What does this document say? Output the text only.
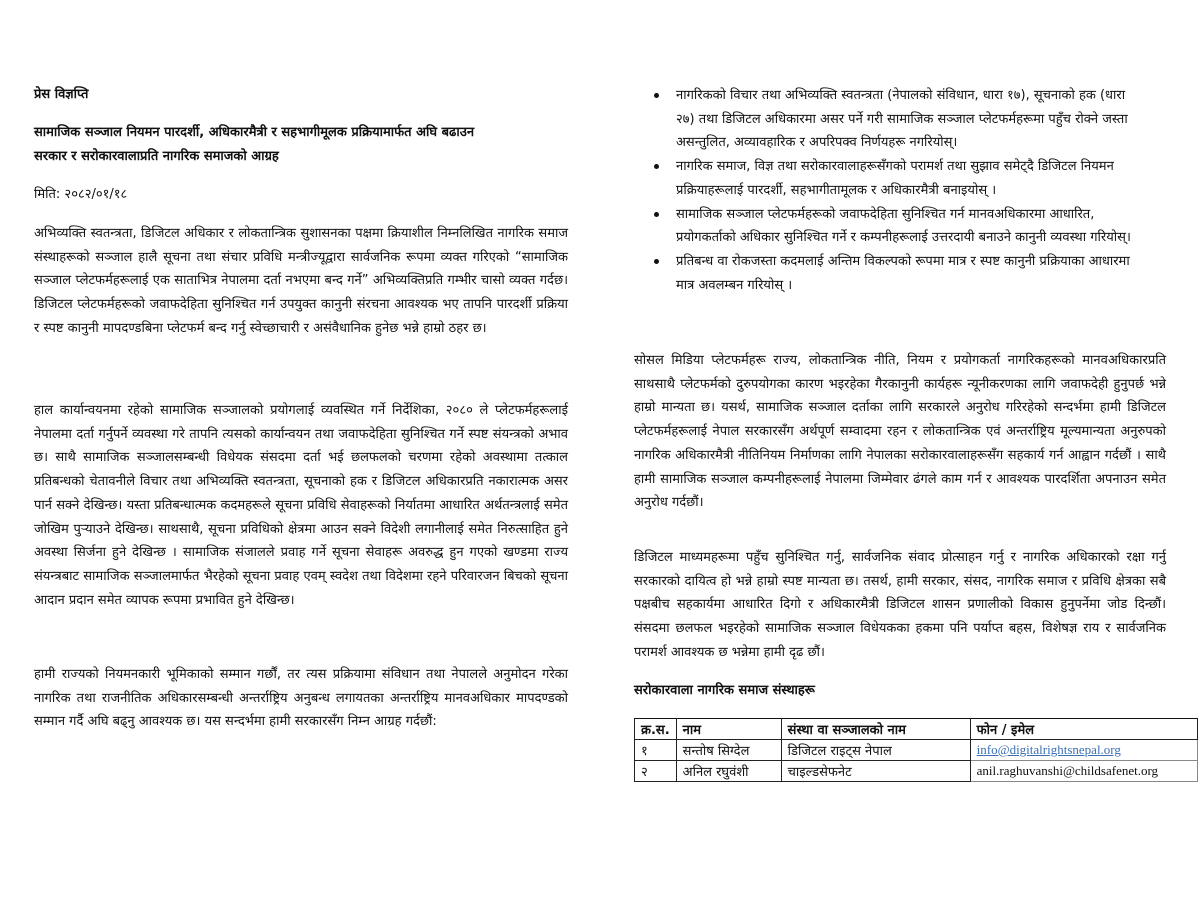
प्रेस विज्ञप्ति
सामाजिक सञ्जाल नियमन पारदर्शी, अधिकारमैत्री र सहभागीमूलक प्रक्रियामार्फत अघि बढाउन
सरकार र सरोकारवालाप्रति नागरिक समाजको आग्रह
मिति: २०८२/०१/१८
अभिव्यक्ति स्वतन्त्रता, डिजिटल अधिकार र लोकतान्त्रिक सुशासनका पक्षमा क्रियाशील निम्नलिखित नागरिक समाज संस्थाहरूको सञ्जाल हालै सूचना तथा संचार प्रविधि मन्त्रीज्यूद्वारा सार्वजनिक रूपमा व्यक्त गरिएको “सामाजिक सञ्जाल प्लेटफर्महरूलाई एक साताभित्र नेपालमा दर्ता नभएमा बन्द गर्ने” अभिव्यक्तिप्रति गम्भीर चासो व्यक्त गर्दछ। डिजिटल प्लेटफर्महरूको जवाफदेहिता सुनिश्चित गर्न उपयुक्त कानुनी संरचना आवश्यक भए तापनि पारदर्शी प्रक्रिया र स्पष्ट कानुनी मापदण्डबिना प्लेटफर्म बन्द गर्नु स्वेच्छाचारी र असंवैधानिक हुनेछ भन्ने हाम्रो ठहर छ।
हाल कार्यान्वयनमा रहेको सामाजिक सञ्जालको प्रयोगलाई व्यवस्थित गर्ने निर्देशिका, २०८० ले प्लेटफर्महरूलाई नेपालमा दर्ता गर्नुपर्ने व्यवस्था गरे तापनि त्यसको कार्यान्वयन तथा जवाफदेहिता सुनिश्चित गर्ने स्पष्ट संयन्त्रको अभाव छ। साथै सामाजिक सञ्जालसम्बन्धी विधेयक संसदमा दर्ता भई छलफलको चरणमा रहेको अवस्थामा तत्काल प्रतिबन्धको चेतावनीले विचार तथा अभिव्यक्ति स्वतन्त्रता, सूचनाको हक र डिजिटल अधिकारप्रति नकारात्मक असर पार्न सक्ने देखिन्छ। यस्ता प्रतिबन्धात्मक कदमहरूले सूचना प्रविधि सेवाहरूको निर्यातमा आधारित अर्थतन्त्रलाई समेत जोखिम पुऱ्याउने देखिन्छ। साथसाथै, सूचना प्रविधिको क्षेत्रमा आउन सक्ने विदेशी लगानीलाई समेत निरुत्साहित हुने अवस्था सिर्जना हुने देखिन्छ । सामाजिक संजालले प्रवाह गर्ने सूचना सेवाहरू अवरुद्ध हुन गएको खण्डमा राज्य संयन्त्रबाट सामाजिक सञ्जालमार्फत भैरहेको सूचना प्रवाह एवम् स्वदेश तथा विदेशमा रहने परिवारजन बिचको सूचना आदान प्रदान समेत व्यापक रूपमा प्रभावित हुने देखिन्छ।
हामी राज्यको नियमनकारी भूमिकाको सम्मान गर्छौं, तर त्यस प्रक्रियामा संविधान तथा नेपालले अनुमोदन गरेका नागरिक तथा राजनीतिक अधिकारसम्बन्धी अन्तर्राष्ट्रिय अनुबन्ध लगायतका अन्तर्राष्ट्रिय मानवअधिकार मापदण्डको सम्मान गर्दै अघि बढ्नु आवश्यक छ। यस सन्दर्भमा हामी सरकारसँग निम्न आग्रह गर्दछौं:
नागरिकको विचार तथा अभिव्यक्ति स्वतन्त्रता (नेपालको संविधान, धारा १७), सूचनाको हक (धारा २७) तथा डिजिटल अधिकारमा असर पर्ने गरी सामाजिक सञ्जाल प्लेटफर्महरूमा पहुँच रोक्ने जस्ता असन्तुलित, अव्यावहारिक र अपरिपक्व निर्णयहरू नगरियोस्।
नागरिक समाज, विज्ञ तथा सरोकारवालाहरूसँगको परामर्श तथा सुझाव समेट्दै डिजिटल नियमन प्रक्रियाहरूलाई पारदर्शी, सहभागीतामूलक र अधिकारमैत्री बनाइयोस् ।
सामाजिक सञ्जाल प्लेटफर्महरूको जवाफदेहिता सुनिश्चित गर्न मानवअधिकारमा आधारित, प्रयोगकर्ताको अधिकार सुनिश्चित गर्ने र कम्पनीहरूलाई उत्तरदायी बनाउने कानुनी व्यवस्था गरियोस्।
प्रतिबन्ध वा रोकजस्ता कदमलाई अन्तिम विकल्पको रूपमा मात्र र स्पष्ट कानुनी प्रक्रियाका आधारमा मात्र अवलम्बन गरियोस् ।
सोसल मिडिया प्लेटफर्महरू राज्य, लोकतान्त्रिक नीति, नियम र प्रयोगकर्ता नागरिकहरूको मानवअधिकारप्रति साथसाथै प्लेटफर्मको दुरुपयोगका कारण भइरहेका गैरकानुनी कार्यहरू न्यूनीकरणका लागि जवाफदेही हुनुपर्छ भन्ने हाम्रो मान्यता छ। यसर्थ, सामाजिक सञ्जाल दर्ताका लागि सरकारले अनुरोध गरिरहेको सन्दर्भमा हामी डिजिटल प्लेटफर्महरूलाई नेपाल सरकारसँग अर्थपूर्ण सम्वादमा रहन र लोकतान्त्रिक एवं अन्तर्राष्ट्रिय मूल्यमान्यता अनुरुपको नागरिक अधिकारमैत्री नीतिनियम निर्माणका लागि नेपालका सरोकारवालाहरूसँग सहकार्य गर्न आह्वान गर्दछौं । साथै हामी सामाजिक सञ्जाल कम्पनीहरूलाई नेपालमा जिम्मेवार ढंगले काम गर्न र आवश्यक पारदर्शिता अपनाउन समेत अनुरोध गर्दछौं।
डिजिटल माध्यमहरूमा पहुँच सुनिश्चित गर्नु, सार्वजनिक संवाद प्रोत्साहन गर्नु र नागरिक अधिकारको रक्षा गर्नु सरकारको दायित्व हो भन्ने हाम्रो स्पष्ट मान्यता छ। तसर्थ, हामी सरकार, संसद, नागरिक समाज र प्रविधि क्षेत्रका सबै पक्षबीच सहकार्यमा आधारित दिगो र अधिकारमैत्री डिजिटल शासन प्रणालीको विकास हुनुपर्नेमा जोड दिन्छौं। संसदमा छलफल भइरहेको सामाजिक सञ्जाल विधेयकका हकमा पनि पर्याप्त बहस, विशेषज्ञ राय र सार्वजनिक परामर्श आवश्यक छ भन्नेमा हामी दृढ छौं।
सरोकारवाला नागरिक समाज संस्थाहरू
क्र.स.	नाम	संस्था वा सञ्जालको नाम	फोन / इमेल
१	सन्तोष सिग्देल	डिजिटल राइट्स नेपाल	info@digitalrightsnepal.org
२	अनिल रघुवंशी	चाइल्डसेफनेट	anil.raghuvanshi@childsafenet.org
